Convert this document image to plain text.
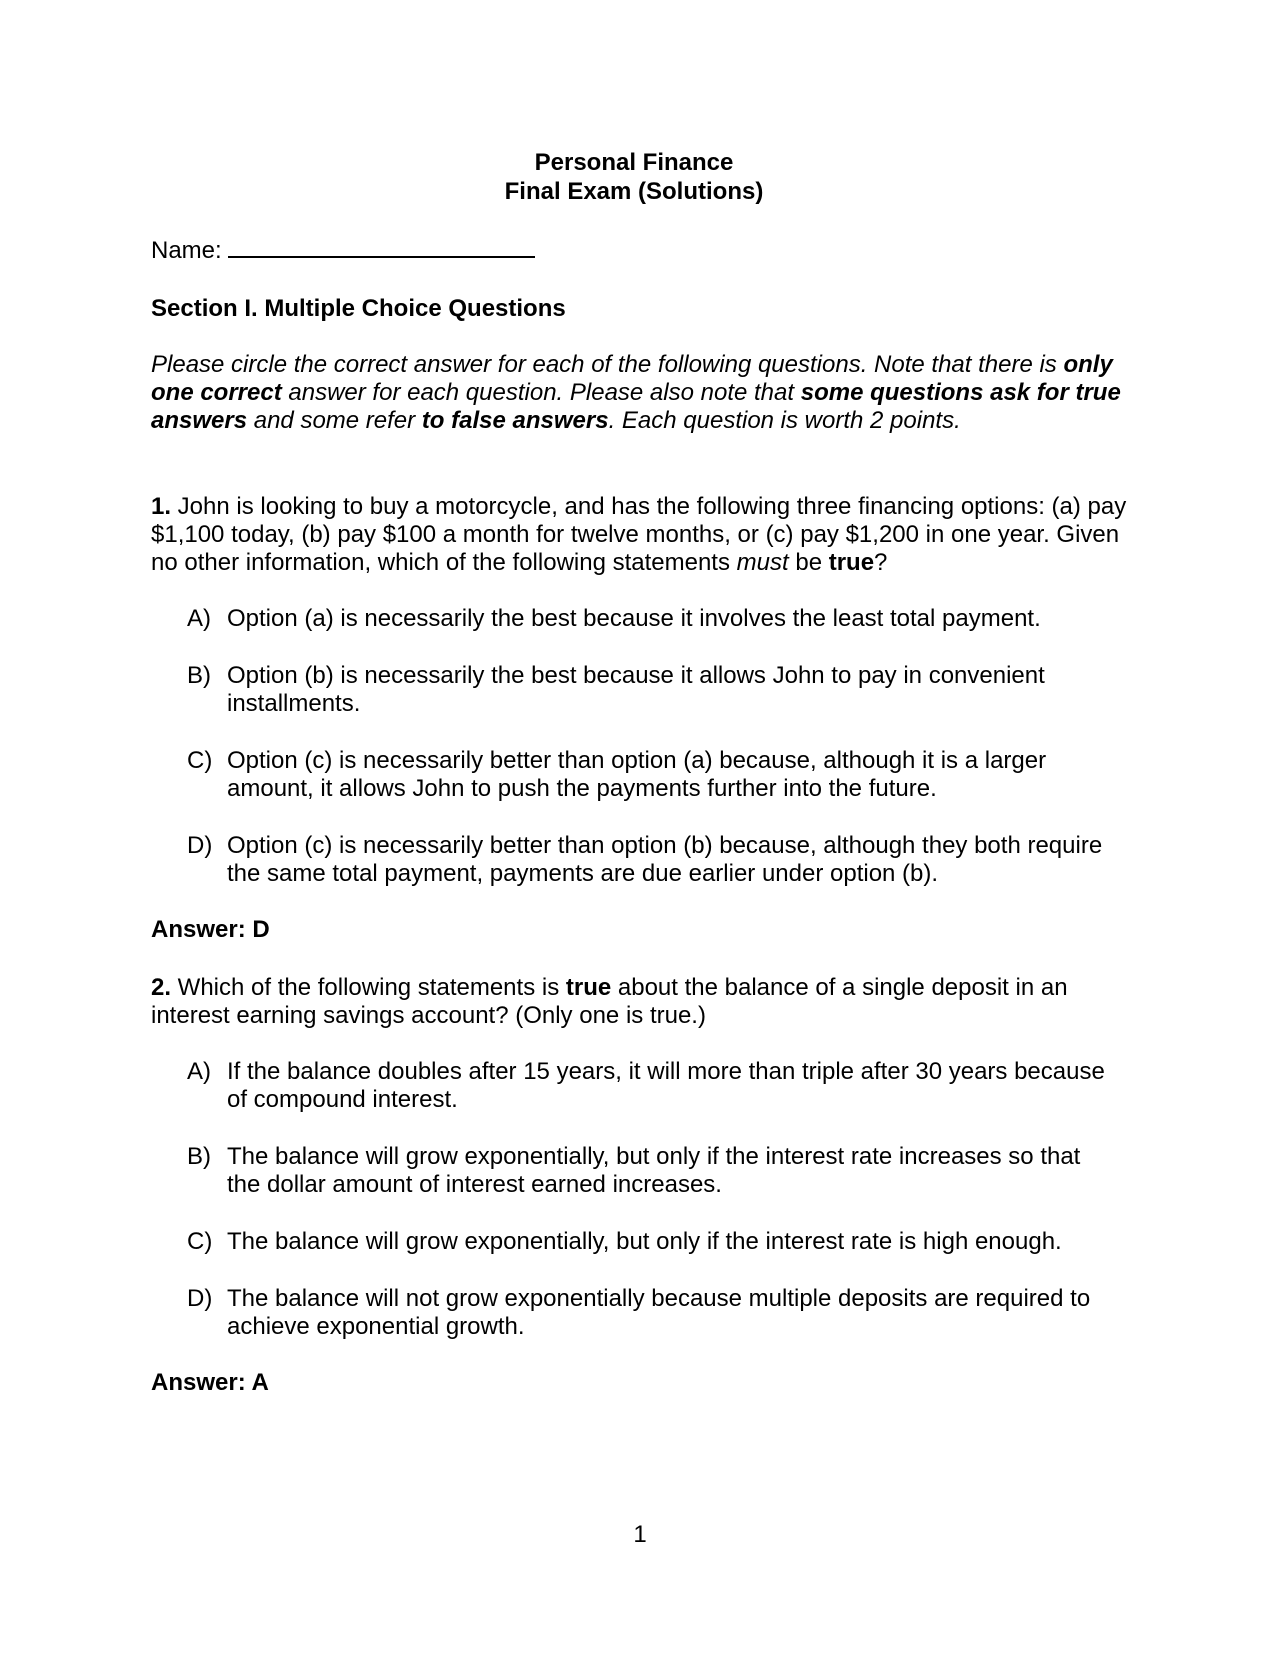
Personal Finance
Final Exam (Solutions)
Name:
Section I. Multiple Choice Questions
Please circle the correct answer for each of the following questions. Note that there is only one correct answer for each question. Please also note that some questions ask for true answers and some refer to false answers. Each question is worth 2 points.
1. John is looking to buy a motorcycle, and has the following three financing options: (a) pay $1,100 today, (b) pay $100 a month for twelve months, or (c) pay $1,200 in one year. Given no other information, which of the following statements must be true?
A) Option (a) is necessarily the best because it involves the least total payment.
B) Option (b) is necessarily the best because it allows John to pay in convenient installments.
C) Option (c) is necessarily better than option (a) because, although it is a larger amount, it allows John to push the payments further into the future.
D) Option (c) is necessarily better than option (b) because, although they both require the same total payment, payments are due earlier under option (b).
Answer: D
2. Which of the following statements is true about the balance of a single deposit in an interest earning savings account? (Only one is true.)
A) If the balance doubles after 15 years, it will more than triple after 30 years because of compound interest.
B) The balance will grow exponentially, but only if the interest rate increases so that the dollar amount of interest earned increases.
C) The balance will grow exponentially, but only if the interest rate is high enough.
D) The balance will not grow exponentially because multiple deposits are required to achieve exponential growth.
Answer: A
1
